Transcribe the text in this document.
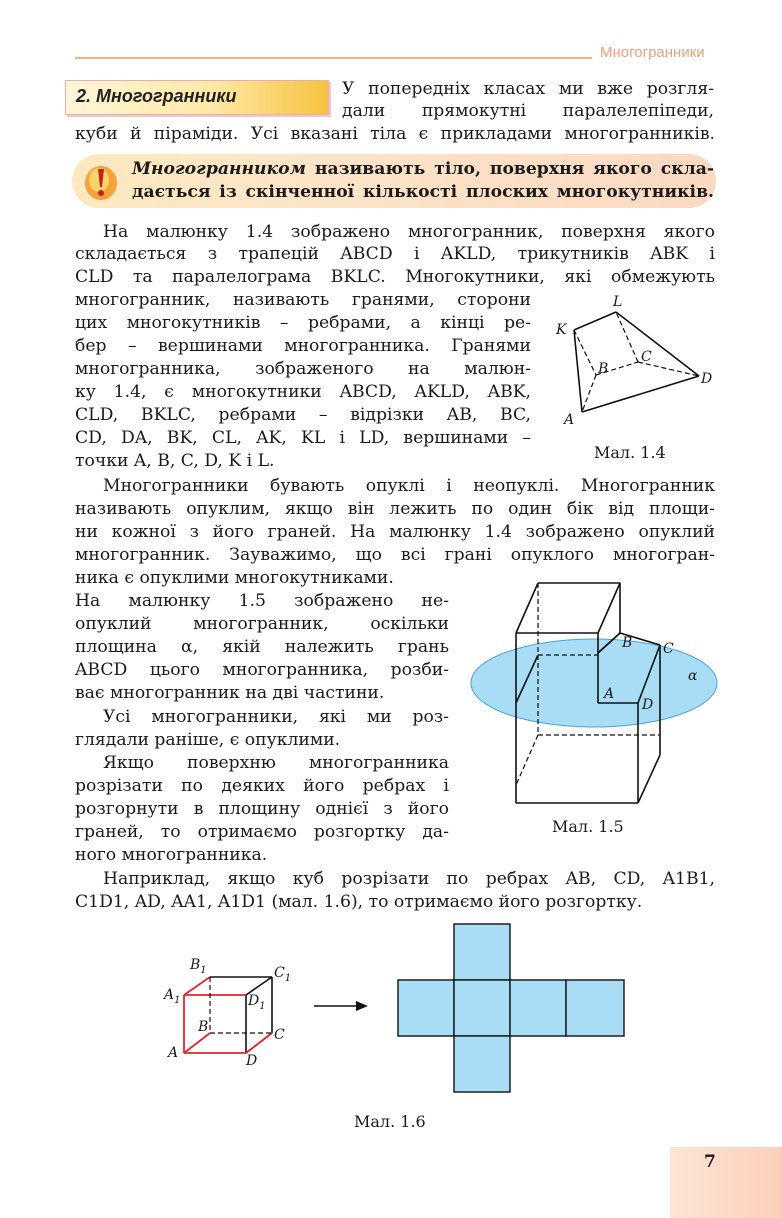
Многогранники
2. Многогранники	У попередніх класах ми вже розгля-
дали прямокутні паралелепіпеди,
куби й піраміди. Усі вказані тіла є прикладами многогранників.
Многогранником називають тіло, поверхня якого скла-
дається із скінченної кількості плоских многокутників.
На малюнку 1.4 зображено многогранник, поверхня якого
складається з трапецій ABCD і AKLD, трикутників ABK і
CLD та паралелограма BKLC. Многокутники, які обмежують
многогранник, називають гранями, сторони
цих многокутників – ребрами, а кінці ре-
бер – вершинами многогранника. Гранями
многогранника, зображеного на малюн-
ку 1.4, є многокутники ABCD, AKLD, ABK,
CLD, BKLC, ребрами – відрізки AB, BC,
CD, DA, BK, CL, AK, KL і LD, вершинами –
точки A, B, C, D, K і L.
K
L
B
C
D
A
Мал. 1.4
Многогранники бувають опуклі і неопуклі. Многогранник
називають опуклим, якщо він лежить по один бік від площи-
ни кожної з його граней. На малюнку 1.4 зображено опуклий
многогранник. Зауважимо, що всі грані опуклого многогран-
ника є опуклими многокутниками.
На малюнку 1.5 зображено не-
опуклий многогранник, оскільки
площина α, якій належить грань
ABCD цього многогранника, розби-
ває многогранник на дві частини.
Усі многогранники, які ми роз-
глядали раніше, є опуклими.
Якщо поверхню многогранника
розрізати по деяких його ребрах і
розгорнути в площину однієї з його
граней, то отримаємо розгортку да-
ного многогранника.
B C
A
D
α
Мал. 1.5
Наприклад, якщо куб розрізати по ребрах AB, CD, A1B1,
C1D1, AD, AA1, A1D1 (мал. 1.6), то отримаємо його розгортку.
$B_1$	$C_1$
$A_1$	$D_1$
B	C
A	D
Мал. 1.6
7
